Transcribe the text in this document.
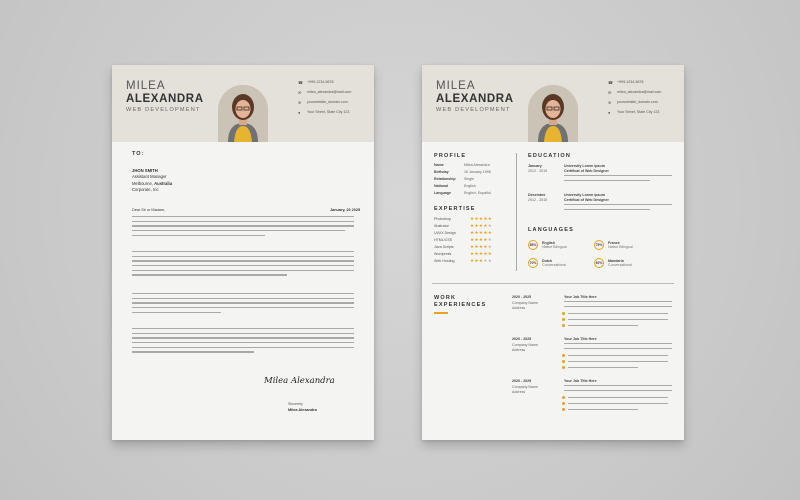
MILEA
ALEXANDRA
WEB DEVELOPMENT
☎	+999-1234-5678
✉	milea_alexandra@mail.com
⊕	yourwebsite_domain.com
●	Your Street, State City 123
TO:
JHON SMITH
Assistant Manager
Melbourne, Australia
Corporate, Inc
Dear Sir or Madam,	January, 20 2025
Milea Alexandra
Sincerely
Milea Alexandra
MILEA
ALEXANDRA
WEB DEVELOPMENT
☎	+999-1234-5678
✉	milea_alexandra@mail.com
⊕	yourwebsite_domain.com
●	Your Street, State City 123
PROFILE
Name	Milea Alexandra
Birthday	16 January 1996
Relationship	Single
National	English
Language	English, Español
EXPERTISE
Photoshop	★★★★★
Illustrator	★★★★★
UI/UX Design	★★★★★
HTML/CSS	★★★★★
Java Scripts	★★★★★
Wordpress	★★★★★
Web Hosting	★★★★★
EDUCATION
January
2012 - 2015
University Lorem Ipsum
Certificat of Web Designer
December
2012 - 2015
University Lorem Ipsum
Certificat of Web Designer
LANGUAGES
85%
English
Native Bilingual
75%
France
Native Bilingual
70%
Dutch
Conversational
60%
Mandarin
Conversational
WORK
EXPERIENCES
2020 - 2025
Company Name
Address
Your Job Title Here
2020 - 2025
Company Name
Address
Your Job Title Here
2020 - 2025
Company Name
Address
Your Job Title Here
